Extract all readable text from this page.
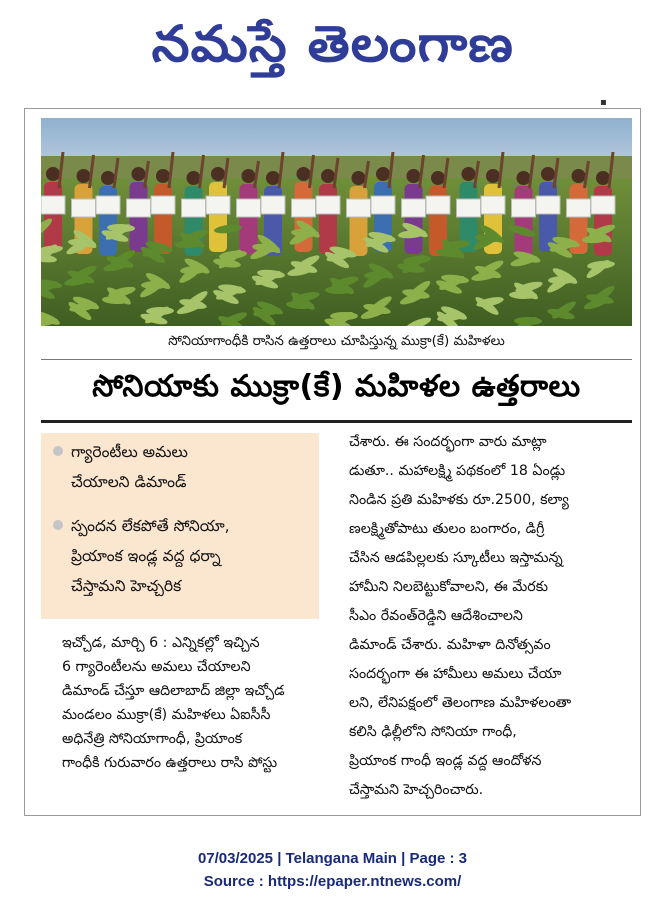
నమస్తే తెలంగాణ
▪
సోనియాగాంధీకి రాసిన ఉత్తరాలు చూపిస్తున్న ముక్రా(కే) మహిళలు
సోనియాకు ముక్రా(కే) మహిళల ఉత్తరాలు
గ్యారెంటీలు అమలు
చేయాలని డిమాండ్
స్పందన లేకపోతే సోనియా,
ప్రియాంక ఇండ్ల వద్ద ధర్నా
చేస్తామని హెచ్చరిక
ఇచ్చోడ, మార్చి 6 : ఎన్నికల్లో ఇచ్చిన
6 గ్యారెంటీలను అమలు చేయాలని
డిమాండ్ చేస్తూ ఆదిలాబాద్ జిల్లా ఇచ్చోడ
మండలం ముక్రా(కే) మహిళలు ఏఐసీసీ
అధినేత్రి సోనియాగాంధీ, ప్రియాంక
గాంధీకి గురువారం ఉత్తరాలు రాసి పోస్టు
చేశారు. ఈ సందర్భంగా వారు మాట్లా
డుతూ.. మహాలక్ష్మి పథకంలో 18 ఏండ్లు
నిండిన ప్రతి మహిళకు రూ.2500, కల్యా
ణలక్ష్మితోపాటు తులం బంగారం, డిగ్రీ
చేసిన ఆడపిల్లలకు స్కూటీలు ఇస్తామన్న
హామీని నిలబెట్టుకోవాలని, ఈ మేరకు
సీఎం రేవంత్‌రెడ్డిని ఆదేశించాలని
డిమాండ్ చేశారు. మహిళా దినోత్సవం
సందర్భంగా ఈ హామీలు అమలు చేయా
లని, లేనిపక్షంలో తెలంగాణ మహిళలంతా
కలిసి ఢిల్లీలోని సోనియా గాంధీ,
ప్రియాంక గాంధీ ఇండ్ల వద్ద ఆందోళన
చేస్తామని హెచ్చరించారు.
07/03/2025 | Telangana Main | Page : 3
Source : https://epaper.ntnews.com/
